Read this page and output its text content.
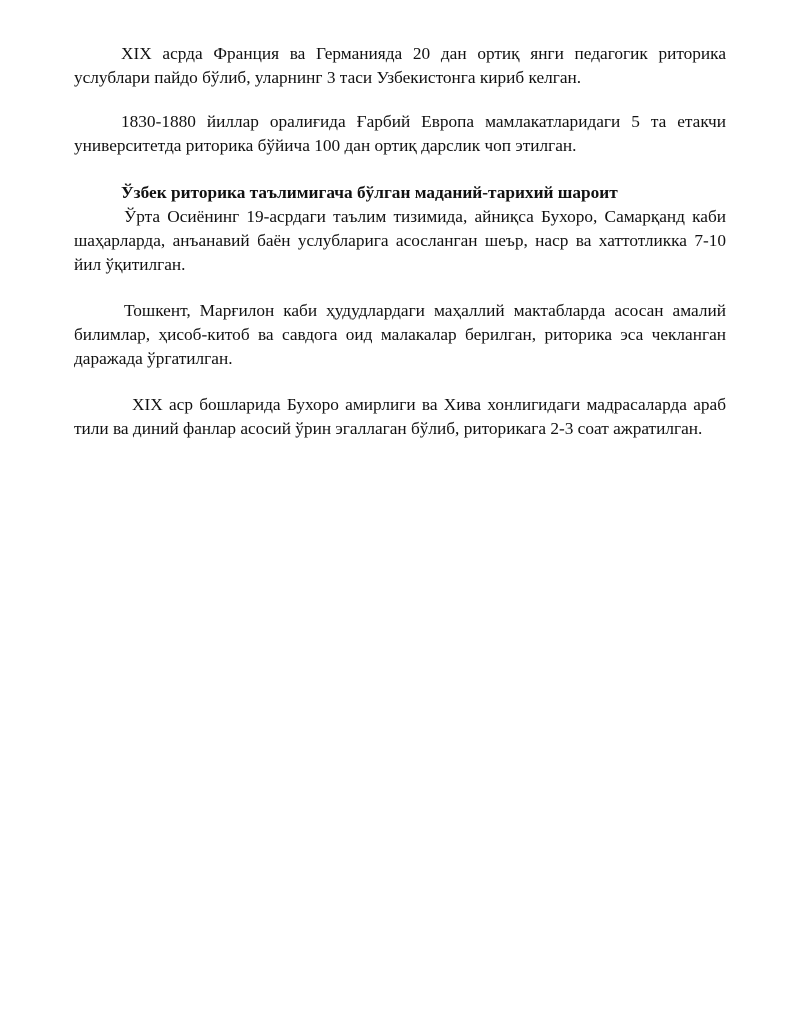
XIX асрда Франция ва Германияда 20 дан ортиқ янги педагогик риторика услублари пайдо бўлиб, уларнинг 3 таси Узбекистонга кириб келган.

1830-1880 йиллар оралиғида Ғарбий Европа мамлакатларидаги 5 та етакчи университетда риторика бўйича 100 дан ортиқ дарслик чоп этилган.

Ўзбек риторика таълимигача бўлган маданий-тарихий шароит

Ўрта Осиёнинг 19-асрдаги таълим тизимида, айниқса Бухоро, Самарқанд каби шаҳарларда, анъанавий баён услубларига асосланган шеър, наср ва хаттотликка 7-10 йил ўқитилган.

Тошкент, Марғилон каби ҳудудлардаги маҳаллий мактабларда асосан амалий билимлар, ҳисоб-китоб ва савдога оид малакалар берилган, риторика эса чекланган даражада ўргатилган.

XIX аср бошларида Бухоро амирлиги ва Хива хонлигидаги мадрасаларда араб тили ва диний фанлар асосий ўрин эгаллаган бўлиб, риторикага 2-3 соат ажратилган.
